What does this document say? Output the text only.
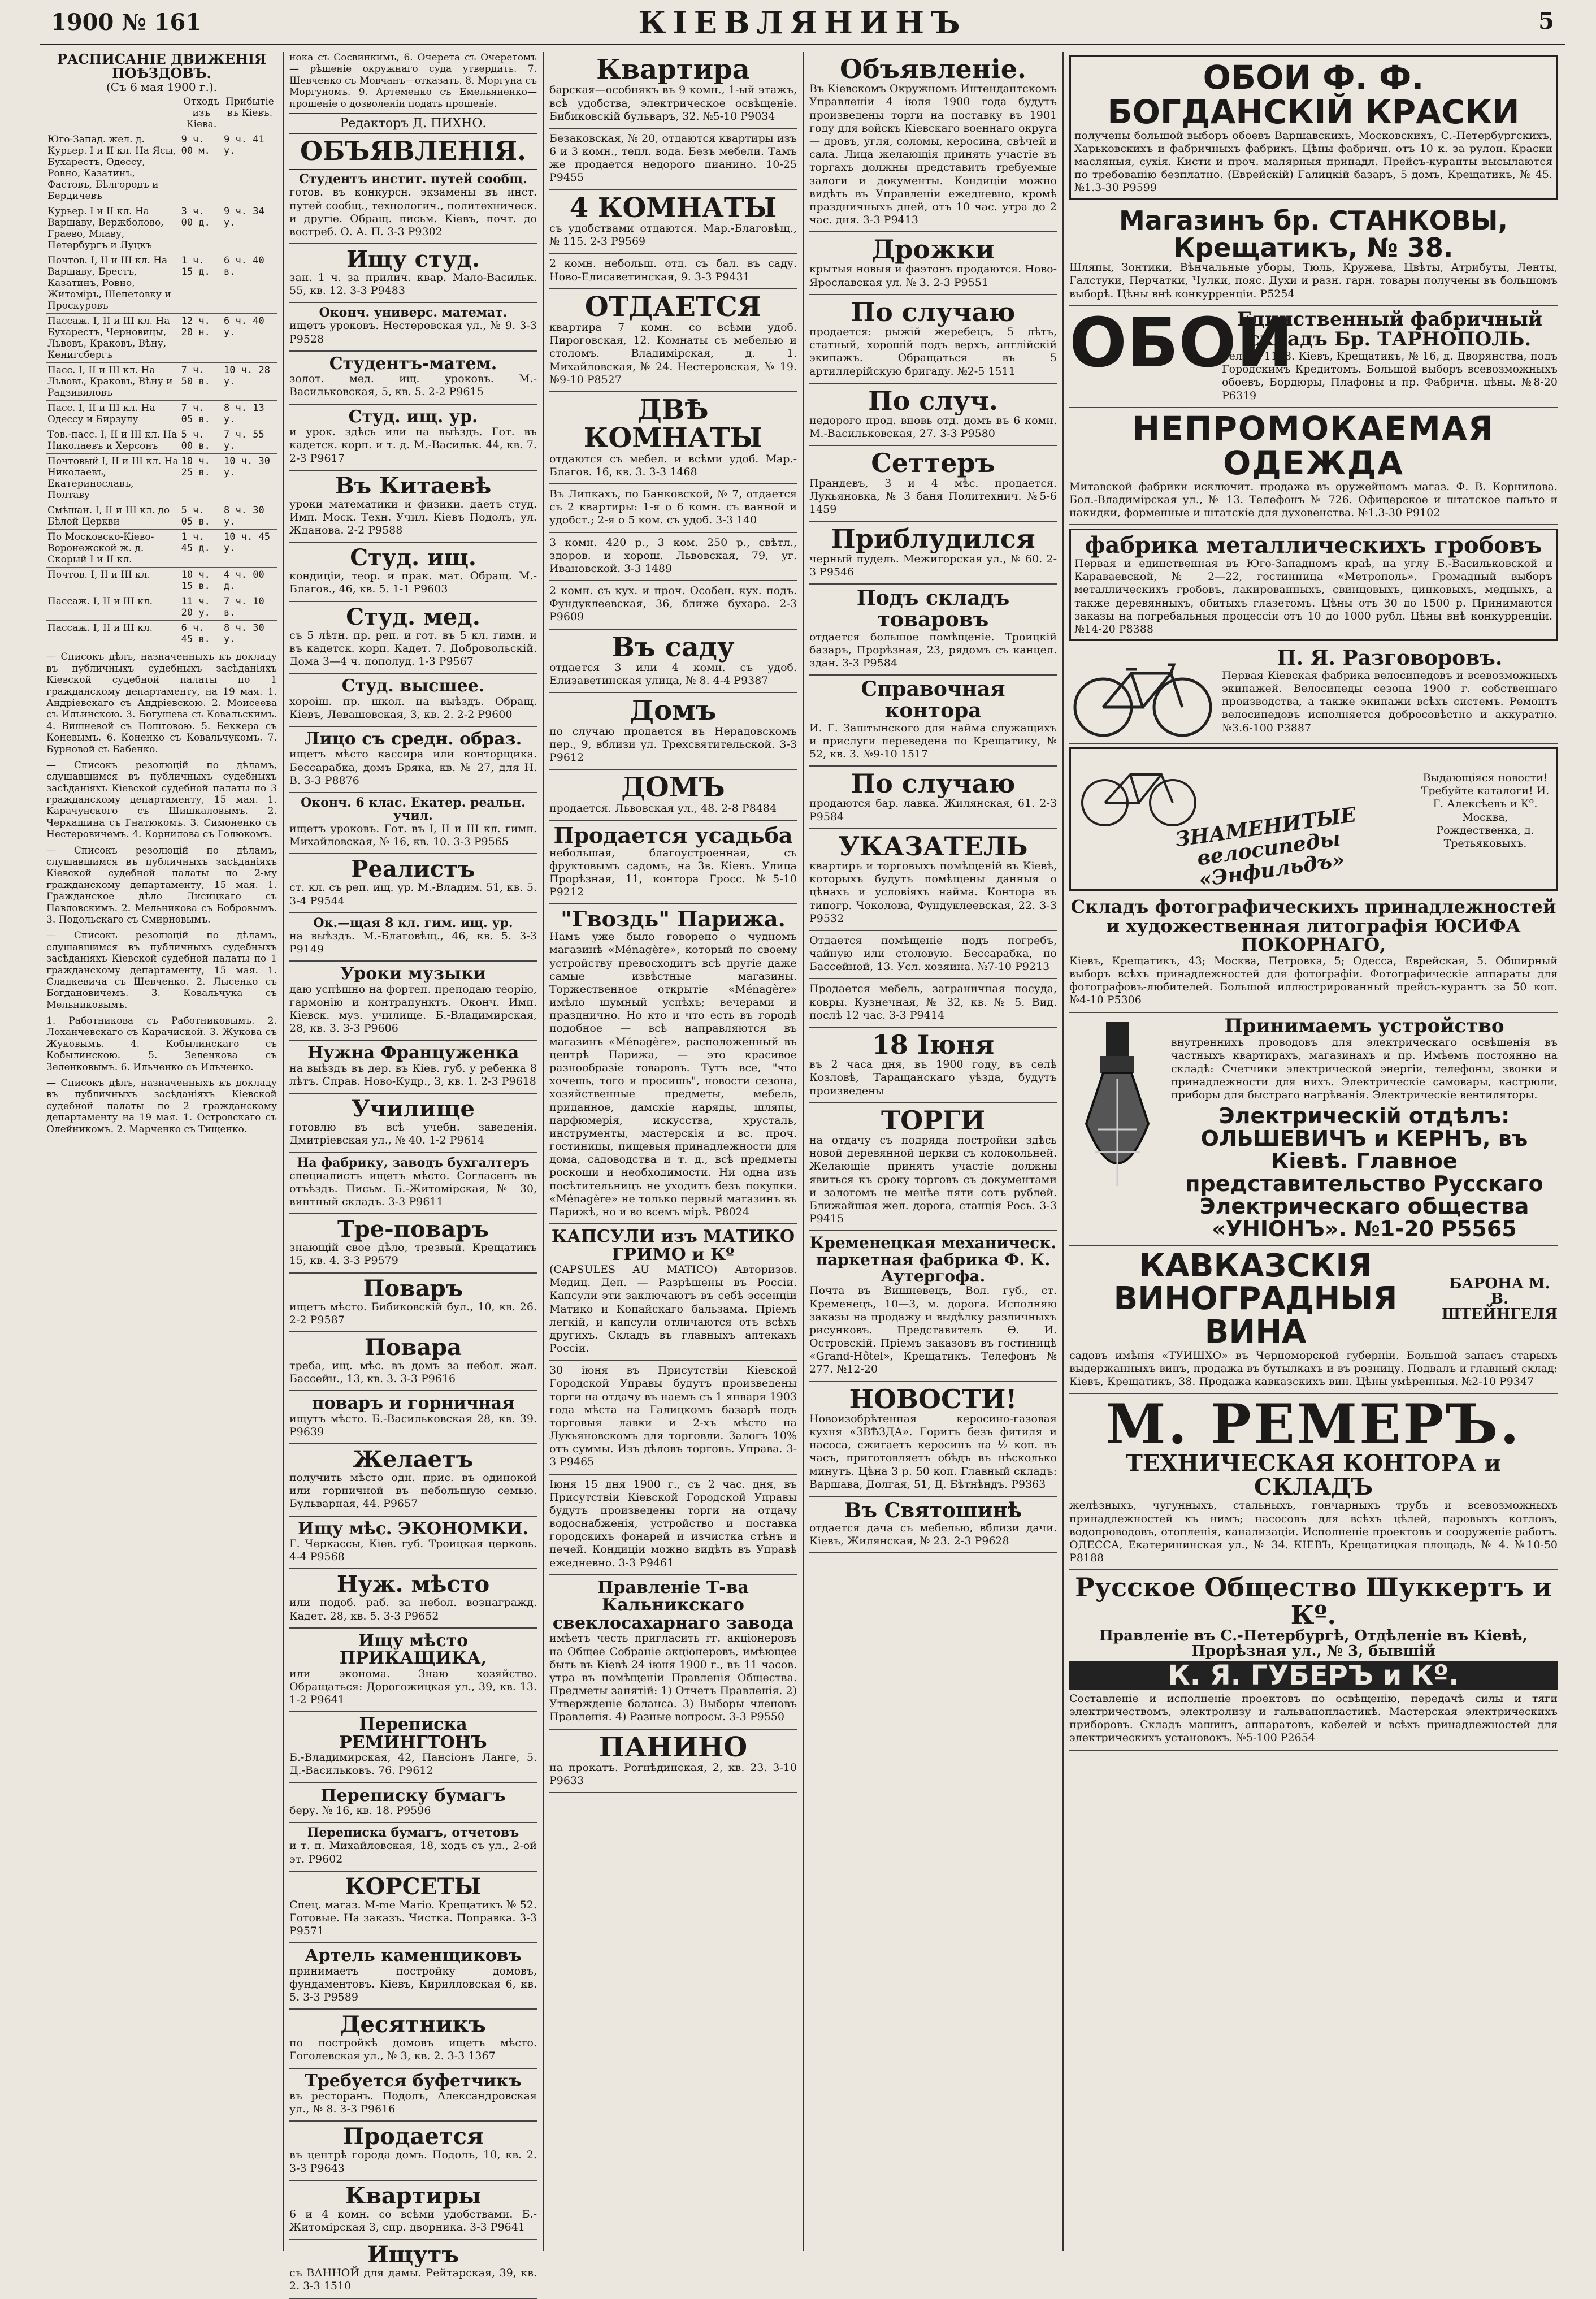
1900 № 161	КІЕВЛЯНИНЪ	5
РАСПИСАНІЕ ДВИЖЕНІЯ ПОѢЗДОВЪ.
(Съ 6 мая 1900 г.).
	Отходъ изъ Кіева.	Прибытіе въ Кіевъ.
Юго-Запад. жел. д. Курьер. I и II кл. На Ясы, Бухарестъ, Одессу, Ровно, Казатинъ, Фастовъ, Бѣлгородъ и Бердичевъ	9 ч. 00 м.	9 ч. 41 у.
Курьер. I и II кл. На Варшаву, Вержболово, Граево, Млаву, Петербургъ и Луцкъ	3 ч. 00 д.	9 ч. 34 у.
Почтов. I, II и III кл. На Варшаву, Брестъ, Казатинъ, Ровно, Житоміръ, Шепетовку и Проскуровъ	1 ч. 15 д.	6 ч. 40 в.
Пассаж. I, II и III кл. На Бухарестъ, Черновицы, Львовъ, Краковъ, Вѣну, Кенигсбергъ	12 ч. 20 н.	6 ч. 40 у.
Пасс. I, II и III кл. На Львовъ, Краковъ, Вѣну и Радзивиловъ	7 ч. 50 в.	10 ч. 28 у.
Пасс. I, II и III кл. На Одессу и Бирзулу	7 ч. 05 в.	8 ч. 13 у.
Тов.-пасс. I, II и III кл. На Николаевъ и Херсонъ	5 ч. 00 в.	7 ч. 55 у.
Почтовый I, II и III кл. На Николаевъ, Екатеринославъ, Полтаву	10 ч. 25 в.	10 ч. 30 у.
Смѣшан. I, II и III кл. до Бѣлой Церкви	5 ч. 05 в.	8 ч. 30 у.
По Московско-Кіево-Воронежской ж. д. Скорый I и II кл.	1 ч. 45 д.	10 ч. 45 у.
Почтов. I, II и III кл.	10 ч. 15 в.	4 ч. 00 д.
Пассаж. I, II и III кл.	11 ч. 20 у.	7 ч. 10 в.
Пассаж. I, II и III кл.	6 ч. 45 в.	8 ч. 30 у.
— Списокъ дѣлъ, назначенныхъ къ докладу въ публичныхъ судебныхъ засѣданіяхъ Кіевской судебной палаты по 1 гражданскому департаменту, на 19 мая. 1. Андріевскаго съ Андріевскою. 2. Моисеева съ Ильинскою. 3. Богушева съ Ковальскимъ. 4. Вишневой съ Поштовою. 5. Беккера съ Коневымъ. 6. Коненко съ Ковальчукомъ. 7. Бурновой съ Бабенко.
— Списокъ резолюцій по дѣламъ, слушавшимся въ публичныхъ судебныхъ засѣданіяхъ Кіевской судебной палаты по 3 гражданскому департаменту, 15 мая. 1. Карачунского съ Шишкаловымъ. 2. Черкашина съ Гнатюкомъ. 3. Симоненко съ Нестеровичемъ. 4. Корнилова съ Голюкомъ.
— Списокъ резолюцій по дѣламъ, слушавшимся въ публичныхъ засѣданіяхъ Кіевской судебной палаты по 2-му гражданскому департаменту, 15 мая. 1. Гражданское дѣло Лисицкаго съ Павловскимъ. 2. Мельникова съ Бобровымъ. 3. Подольскаго съ Смирновымъ.
— Списокъ резолюцій по дѣламъ, слушавшимся въ публичныхъ судебныхъ засѣданіяхъ Кіевской судебной палаты по 1 гражданскому департаменту, 15 мая. 1. Сладкевича съ Шевченко. 2. Лысенко съ Богдановичемъ. 3. Ковальчука съ Мельниковымъ.
1. Работникова съ Работниковымъ. 2. Лоханчевскаго съ Карачиской. 3. Жукова съ Жуковымъ. 4. Кобылинскаго съ Кобылинскою. 5. Зеленкова съ Зеленковымъ. 6. Ильченко съ Ильченко.
— Списокъ дѣлъ, назначенныхъ къ докладу въ публичныхъ засѣданіяхъ Кіевской судебной палаты по 2 гражданскому департаменту на 19 мая. 1. Островскаго съ Олейникомъ. 2. Марченко съ Тищенко.
нока съ Сосвинкимъ, 6. Очерета съ Очеретомъ— рѣшеніе окружнаго суда утвердить. 7. Шевченко съ Мовчанъ—отказать. 8. Моргуна съ Моргуномъ. 9. Артеменко съ Емельяненко—прошеніе о дозволеніи подать прошеніе.
Редакторъ Д. ПИХНО.
ОБЪЯВЛЕНІЯ.
Студентъ инстит. путей сообщ.
готов. въ конкурсн. экзамены въ инст. путей сообщ., технологич., политехническ. и другіе. Обращ. письм. Кіевъ, почт. до востреб. О. А. П. 3-3 Р9302
Ищу студ.
зан. 1 ч. за прилич. квар. Мало-Васильк. 55, кв. 12. 3-3 Р9483
Оконч. универс. математ.
ищетъ уроковъ. Нестеровская ул., № 9. 3-3 Р9528
Студентъ-матем.
золот. мед. ищ. уроковъ. М.-Васильковская, 5, кв. 5. 2-2 Р9615
Студ. ищ. ур.
и урок. здѣсь или на выѣздъ. Гот. въ кадетск. корп. и т. д. М.-Васильк. 44, кв. 7. 2-3 Р9617
Въ Китаевѣ
уроки математики и физики. даетъ студ. Имп. Моск. Техн. Учил. Кіевъ Подолъ, ул. Жданова. 2-2 Р9588
Студ. ищ.
кондиціи, теор. и прак. мат. Обращ. М.-Благов., 46, кв. 5. 1-1 Р9603
Студ. мед.
съ 5 лѣтн. пр. реп. и гот. въ 5 кл. гимн. и въ кадетск. корп. Кадет. 7. Добровольскій. Дома 3—4 ч. пополуд. 1-3 Р9567
Студ. высшее.
хороіш. пр. школ. на выѣздъ. Обращ. Кіевъ, Левашовская, 3, кв. 2. 2-2 Р9600
Лицо съ средн. образ.
ищетъ мѣсто кассира или конторщика. Бессарабка, домъ Бряка, кв. № 27, для Н. В. 3-3 Р8876
Оконч. 6 клас. Екатер. реальн. учил.
ищетъ уроковъ. Гот. въ I, II и III кл. гимн. Михайловская, № 16, кв. 10. 3-3 Р9565
Реалистъ
ст. кл. съ реп. ищ. ур. М.-Владим. 51, кв. 5. 3-4 Р9544
Ок.—щая 8 кл. гим. ищ. ур.
на выѣздъ. М.-Благовѣщ., 46, кв. 5. 3-3 Р9149
Уроки музыки
даю успѣшно на фортеп. преподаю теорію, гармонію и контрапунктъ. Оконч. Имп. Кіевск. муз. училище. Б.-Владимирская, 28, кв. 3. 3-3 Р9606
Нужна Француженка
на выѣздъ въ дер. въ Кіев. губ. у ребенка 8 лѣтъ. Справ. Ново-Кудр., 3, кв. 1. 2-3 Р9618
Училище
готовлю въ всѣ учебн. заведенія. Дмитріевская ул., № 40. 1-2 Р9614
На фабрику, заводъ бухгалтеръ
специалистъ ищетъ мѣсто. Согласенъ въ отъѣздъ. Письм. Б.-Житомірская, № 30, винтный складъ. 3-3 Р9611
Тре-поваръ
знающій свое дѣло, трезвый. Крещатикъ 15, кв. 4. 3-3 Р9579
Поваръ
ищетъ мѣсто. Бибиковскій бул., 10, кв. 26. 2-2 Р9587
Повара
треба, ищ. мѣс. въ домъ за небол. жал. Бассейн., 13, кв. 3. 3-3 Р9616
поваръ и горничная
ищутъ мѣсто. Б.-Васильковская 28, кв. 39. Р9639
Желаетъ
получить мѣсто одн. прис. въ одинокой или горничной въ небольшую семью. Бульварная, 44. Р9657
Ищу мѣс. ЭКОНОМКИ.
Г. Черкассы, Кіев. губ. Троицкая церковь. 4-4 Р9568
Нуж. мѣсто
или подоб. раб. за небол. вознагражд. Кадет. 28, кв. 5. 3-3 Р9652
Ищу мѣсто ПРИКАЩИКА,
или эконома. Знаю хозяйство. Обращаться: Дорогожицкая ул., 39, кв. 13. 1-2 Р9641
Переписка РЕМИНГТОНЪ
Б.-Владимирская, 42, Пансіонъ Ланге, 5. Д.-Васильковъ. 76. Р9612
Переписку бумагъ
беру. № 16, кв. 18. Р9596
Переписка бумагъ, отчетовъ
и т. п. Михайловская, 18, ходъ съ ул., 2-ой эт. Р9602
КОРСЕТЫ
Спец. магаз. M-me Mario. Крещатикъ № 52. Готовые. На заказъ. Чистка. Поправка. 3-3 Р9571
Артель каменщиковъ
принимаетъ постройку домовъ, фундаментовъ. Кіевъ, Кирилловская 6, кв. 5. 3-3 Р9589
Десятникъ
по постройкѣ домовъ ищетъ мѣсто. Гоголевская ул., № 3, кв. 2. 3-3 1367
Требуется буфетчикъ
въ ресторанъ. Подолъ, Александровская ул., № 8. 3-3 Р9616
Продается
въ центрѣ города домъ. Подолъ, 10, кв. 2. 3-3 Р9643
Квартиры
6 и 4 комн. со всѣми удобствами. Б.-Житомірская 3, спр. дворника. 3-3 Р9641
Ищутъ
съ ВАННОЙ для дамы. Рейтарская, 39, кв. 2. 3-3 1510
Квартира
барская—особнякъ въ 9 комн., 1-ый этажъ, всѣ удобства, электрическое освѣщеніе. Бибиковскій бульваръ, 32. №5-10 Р9034
Безаковская, № 20, отдаются квартиры изъ 6 и 3 комн., тепл. вода. Безъ мебели. Тамъ же продается недорого пианино. 10-25 Р9455
4 КОМНАТЫ
съ удобствами отдаются. Мар.-Благовѣщ., № 115. 2-3 Р9569
2 комн. небольш. отд. съ бал. въ саду. Ново-Елисаветинская, 9. 3-3 Р9431
ОТДАЕТСЯ
квартира 7 комн. со всѣми удоб. Пироговская, 12. Комнаты съ мебелью и столомъ. Владимірская, д. 1. Михайловская, № 24. Нестеровская, № 19. №9-10 Р8527
ДВѢ КОМНАТЫ
отдаются съ мебел. и всѣми удоб. Мар.-Благов. 16, кв. 3. 3-3 1468
Въ Липкахъ, по Банковской, № 7, отдается съ 2 квартиры: 1-я о 6 комн. съ ванной и удобст.; 2-я о 5 ком. съ удоб. 3-3 140
3 комн. 420 р., 3 ком. 250 р., свѣтл., здоров. и хорош. Львовская, 79, уг. Ивановской. 3-3 1489
2 комн. съ кух. и проч. Особен. кух. подъ. Фундуклеевская, 36, ближе бухара. 2-3 Р9609
Въ саду
отдается 3 или 4 комн. съ удоб. Елизаветинская улица, № 8. 4-4 Р9387
Домъ
по случаю продается въ Нерадовскомъ пер., 9, вблизи ул. Трехсвятительской. 3-3 Р9612
ДОМЪ
продается. Львовская ул., 48. 2-8 Р8484
Продается усадьба
небольшая, благоустроенная, съ фруктовымъ садомъ, на Зв. Кіевъ. Улица Прорѣзная, 11, контора Гросс. №5-10 Р9212
"Гвоздь" Парижа.
Намъ уже было говорено о чудномъ магазинѣ «Ménagère», который по своему устройству превосходитъ всѣ другіе даже самые извѣстные магазины. Торжественное открытіе «Ménagère» имѣло шумный успѣхъ; вечерами и празднично. Но кто и что есть въ городѣ подобное — всѣ направляются въ магазинъ «Ménagère», расположенный въ центрѣ Парижа, — это красивое разнообразіе товаровъ. Тутъ все, "что хочешь, того и просишь", новости сезона, хозяйственные предметы, мебель, приданное, дамскіе наряды, шляпы, парфюмерія, искусства, хрусталь, инструменты, мастерскія и вс. проч. гостиницы, пищевыя принадлежности для дома, садоводства и т. д., всѣ предметы роскоши и необходимости. Ни одна изъ посѣтительницъ не уходитъ безъ покупки. «Ménagère» не только первый магазинъ въ Парижѣ, но и во всемъ мірѣ. Р8024
КАПСУЛИ изъ МАТИКО ГРИМО и Кº
(CAPSULES AU MATICO) Авторизов. Медиц. Деп. — Разрѣшены въ Россіи. Капсули эти заключаютъ въ себѣ эссенціи Матико и Копайскаго бальзама. Пріемъ легкій, и капсули отличаются отъ всѣхъ другихъ. Складъ въ главныхъ аптекахъ Россіи.
30 іюня въ Присутствіи Кіевской Городской Управы будутъ произведены торги на отдачу въ наемъ съ 1 января 1903 года мѣста на Галицкомъ базарѣ подъ торговыя лавки и 2-хъ мѣсто на Лукьяновскомъ для торговли. Залогъ 10% отъ суммы. Изъ дѣловъ торговъ. Управа. 3-3 Р9465
Іюня 15 дня 1900 г., съ 2 час. дня, въ Присутствіи Кіевской Городской Управы будутъ произведены торги на отдачу водоснабженія, устройство и поставка городскихъ фонарей и изчистка стѣнъ и печей. Кондиціи можно видѣть въ Управѣ ежедневно. 3-3 Р9461
Правленіе Т-ва Кальникскаго свеклосахарнаго завода
имѣетъ честь пригласить гг. акціонеровъ на Общее Собраніе акціонеровъ, имѣющее быть въ Кіевѣ 24 іюня 1900 г., въ 11 часов. утра въ помѣщеніи Правленія Общества. Предметы занятій: 1) Отчетъ Правленія. 2) Утвержденіе баланса. 3) Выборы членовъ Правленія. 4) Разные вопросы. 3-3 Р9550
ПАНИНО
на прокатъ. Рогнѣдинская, 2, кв. 23. 3-10 Р9633
Объявленіе.
Въ Кіевскомъ Окружномъ Интендантскомъ Управленіи 4 іюля 1900 года будутъ произведены торги на поставку въ 1901 году для войскъ Кіевскаго военнаго округа — дровъ, угля, соломы, керосина, свѣчей и сала. Лица желающія принять участіе въ торгахъ должны представить требуемые залоги и документы. Кондиціи можно видѣть въ Управленіи ежедневно, кромѣ праздничныхъ дней, отъ 10 час. утра до 2 час. дня. 3-3 Р9413
Дрожки
крытыя новыя и фаэтонъ продаются. Ново-Ярославская ул. № 3. 2-3 Р9551
По случаю
продается: рыжій жеребецъ, 5 лѣтъ, статный, хорошій подъ верхъ, англійскій экипажъ. Обращаться въ 5 артиллерійскую бригаду. №2-5 1511
По случ.
недорого прод. вновь отд. домъ въ 6 комн. М.-Васильковская, 27. 3-3 Р9580
Сеттеръ
Прандевъ, 3 и 4 мѣс. продается. Лукьяновка, № 3 баня Политехнич. №5-6 1459
Приблудился
черный пудель. Межигорская ул., № 60. 2-3 Р9546
Подъ складъ товаровъ
отдается большое помѣщеніе. Троицкій базаръ, Прорѣзная, 23, рядомъ съ канцел. здан. 3-3 Р9584
Справочная контора
И. Г. Заштынского для найма служащихъ и прислуги переведена по Крещатику, № 52, кв. 3. №9-10 1517
По случаю
продаются бар. лавка. Жилянская, 61. 2-3 Р9584
УКАЗАТЕЛЬ
квартиръ и торговыхъ помѣщеній въ Кіевѣ, которыхъ будутъ помѣщены данныя о цѣнахъ и условіяхъ найма. Контора въ типогр. Чоколова, Фундуклеевская, 22. 3-3 Р9532
Отдается помѣщеніе подъ погребъ, чайную или столовую. Бессарабка, по Бассейной, 13. Усл. хозяина. №7-10 Р9213
Продается мебель, заграничная посуда, ковры. Кузнечная, № 32, кв. № 5. Вид. послѣ 12 час. 3-3 Р9414
18 Іюня
въ 2 часа дня, въ 1900 году, въ селѣ Козловѣ, Таращанскаго уѣзда, будутъ произведены
ТОРГИ
на отдачу съ подряда постройки здѣсь новой деревянной церкви съ колокольней. Желающіе принять участіе должны явиться къ сроку торговъ съ документами и залогомъ не менѣе пяти сотъ рублей. Ближайшая жел. дорога, станція Рось. 3-3 Р9415
Кременецкая механическ. паркетная фабрика Ф. К. Аутергофа.
Почта въ Вишневецъ, Вол. губ., ст. Кременецъ, 10—3, м. дорога. Исполняю заказы на продажу и выдѣлку различныхъ рисунковъ. Представитель Ѳ. И. Островскій. Пріемъ заказовъ въ гостиницѣ «Grand-Hôtel», Крещатикъ. Телефонъ № 277. №12-20
НОВОСТИ!
Новоизобрѣтенная керосино-газовая кухня «ЗВѢЗДА». Горитъ безъ фитиля и насоса, сжигаетъ керосинъ на ½ коп. въ часъ, приготовляетъ обѣдъ въ нѣсколько минутъ. Цѣна 3 р. 50 коп. Главный складъ: Варшава, Долгая, 51, Д. Бѣтнѣндъ. Р9363
Въ Святошинѣ
отдается дача съ мебелью, вблизи дачи. Кіевъ, Жилянская, № 23. 2-3 Р9628
ОБОИ Ф. Ф. БОГДАНСКІЙ КРАСКИ
получены большой выборъ обоевъ Варшавскихъ, Московскихъ, С.-Петербургскихъ, Харьковскихъ и фабричныхъ фабрикъ. Цѣны фабричн. отъ 10 к. за рулон. Краски масляныя, сухія. Кисти и проч. малярныя принадл. Прейсъ-куранты высылаются по требованію безплатно. (Еврейскій) Галицкій базаръ, 5 домъ, Крещатикъ, № 45. №1.3-30 Р9599
Магазинъ бр. СТАНКОВЫ, Крещатикъ, № 38.
Шляпы, Зонтики, Вѣнчальные уборы, Тюль, Кружева, Цвѣты, Атрибуты, Ленты, Галстуки, Перчатки, Чулки, пояс. Духи и разн. гарн. товары получены въ большомъ выборѣ. Цѣны внѣ конкурренціи. Р5254
ОБОИ
Единственный фабричный складъ Бр. ТАРНОПОЛЬ.
Телеф. 1138. Кіевъ, Крещатикъ, № 16, д. Дворянства, подъ Городскимъ Кредитомъ. Большой выборъ всевозможныхъ обоевъ, Бордюры, Плафоны и пр. Фабричн. цѣны. №8-20 Р6319
НЕПРОМОКАЕМАЯ ОДЕЖДА
Митавской фабрики исключит. продажа въ оружейномъ магаз. Ф. В. Корнилова. Бол.-Владимірская ул., № 13. Телефонъ № 726. Офицерское и штатское пальто и накидки, форменные и штатскіе для духовенства. №1.3-30 Р9102
фабрика металлическихъ гробовъ
Первая и единственная въ Юго-Западномъ краѣ, на углу Б.-Васильковской и Караваевской, № 2—22, гостинница «Метрополь». Громадный выборъ металлическихъ гробовъ, лакированныхъ, свинцовыхъ, цинковыхъ, медныхъ, а также деревянныхъ, обитыхъ глазетомъ. Цѣны отъ 30 до 1500 р. Принимаются заказы на погребальныя процессіи отъ 10 до 1000 рубл. Цѣны внѣ конкурренціи. №14-20 Р8388
П. Я. Разговоровъ.
Первая Кіевская фабрика велосипедовъ и всевозможныхъ экипажей. Велосипеды сезона 1900 г. собственнаго производства, а также экипажи всѣхъ системъ. Ремонтъ велосипедовъ исполняется добросовѣстно и аккуратно. №3.6-100 Р3887
ЗНАМЕНИТЫЕ велосипеды «Энфильдъ»
Выдающіяся новости! Требуйте каталоги! И. Г. Алексѣевъ и Кº. Москва, Рождественка, д. Третьяковыхъ.
Складъ фотографическихъ принадлежностей и художественная литографія ЮСИФА ПОКОРНАГО,
Кіевъ, Крещатикъ, 43; Москва, Петровка, 5; Одесса, Еврейская, 5. Обширный выборъ всѣхъ принадлежностей для фотографіи. Фотографическіе аппараты для фотографовъ-любителей. Большой иллюстрированный прейсъ-курантъ за 50 коп. №4-10 Р5306
Принимаемъ устройство
внутреннихъ проводовъ для электрическаго освѣщенія въ частныхъ квартирахъ, магазинахъ и пр. Имѣемъ постоянно на складѣ: Счетчики электрической энергіи, телефоны, звонки и принадлежности для нихъ. Электрическіе самовары, кастрюли, приборы для быстраго нагрѣванія. Электрическіе вентиляторы.
Электрическій отдѣлъ: ОЛЬШЕВИЧЪ и КЕРНЪ, въ Кіевѣ. Главное представительство Русскаго Электрическаго общества «УНІОНЪ». №1-20 Р5565
КАВКАЗСКІЯ ВИНОГРАДНЫЯ ВИНА
БАРОНА М. В. ШТЕЙНГЕЛЯ
садовъ имѣнія «ТУИШХО» въ Черноморской губерніи. Большой запасъ старыхъ выдержанныхъ винъ, продажа въ бутылкахъ и въ розницу. Подвалъ и главный склад: Кіевъ, Крещатикъ, 38. Продажа кавказскихъ вин. Цѣны умѣренныя. №2-10 Р9347
М. РЕМЕРЪ.
ТЕХНИЧЕСКАЯ КОНТОРА и СКЛАДЪ
желѣзныхъ, чугунныхъ, стальныхъ, гончарныхъ трубъ и всевозможныхъ принадлежностей къ нимъ; насосовъ для всѣхъ цѣлей, паровыхъ котловъ, водопроводовъ, отопленія, канализаціи. Исполненіе проектовъ и сооруженіе работъ. ОДЕССА, Екатерининская ул., № 34. КІЕВЪ, Крещатицкая площадь, № 4. №10-50 Р8188
Русское Общество Шуккертъ и Кº.
Правленіе въ С.-Петербургѣ, Отдѣленіе въ Кіевѣ, Прорѣзная ул., № 3, бывшій
К. Я. ГУБЕРЪ и Кº.
Составленіе и исполненіе проектовъ по освѣщенію, передачѣ силы и тяги электричествомъ, электролизу и гальванопластикѣ. Мастерская электрическихъ приборовъ. Складъ машинъ, аппаратовъ, кабелей и всѣхъ принадлежностей для электрическихъ установокъ. №5-100 Р2654
